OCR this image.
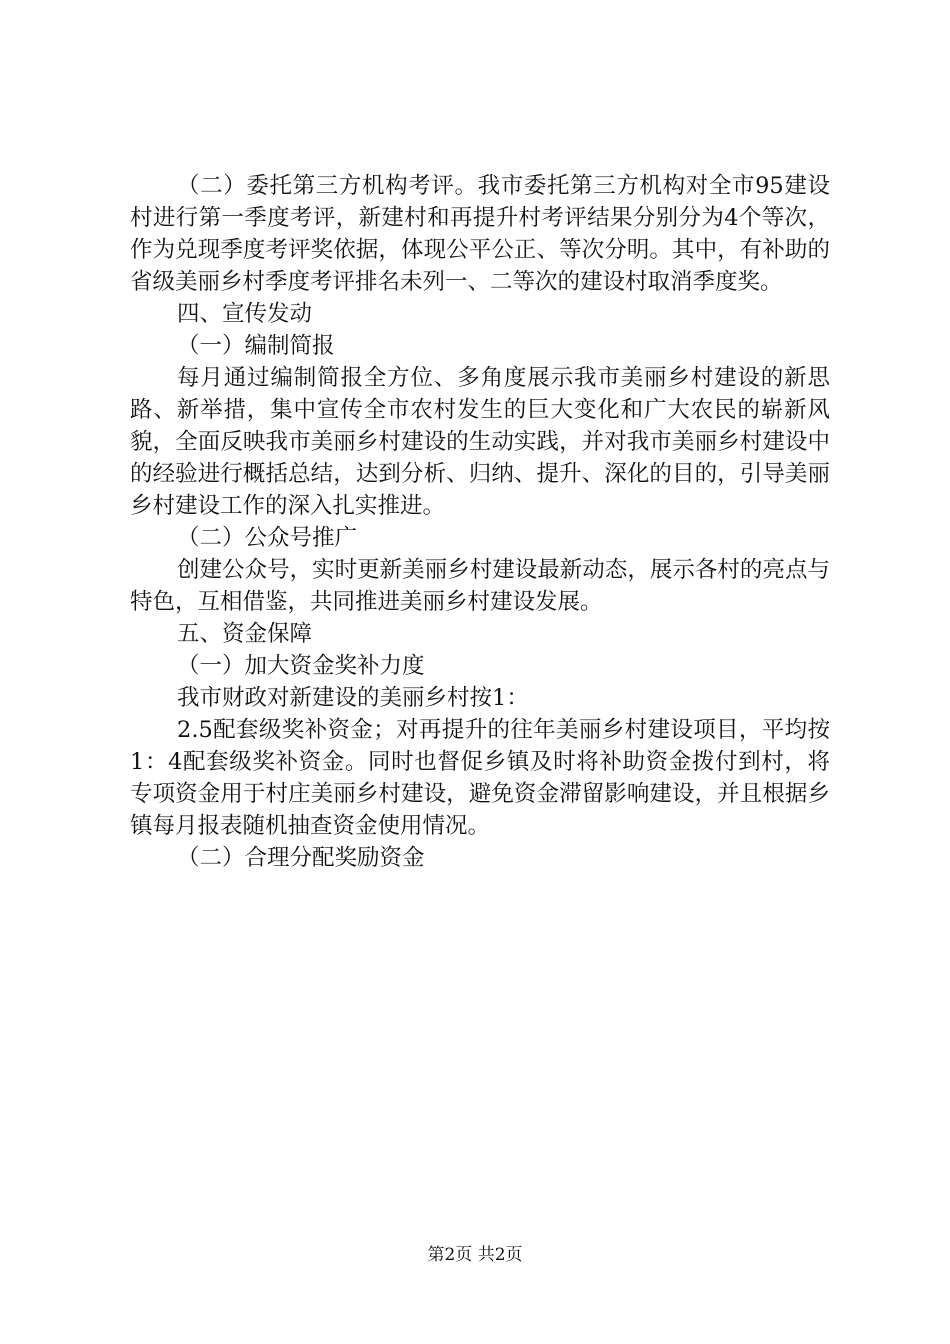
（二）委托第三方机构考评。我市委托第三方机构对全市95建设村进行第一季度考评，新建村和再提升村考评结果分别分为4个等次，作为兑现季度考评奖依据，体现公平公正、等次分明。其中，有补助的省级美丽乡村季度考评排名未列一、二等次的建设村取消季度奖。

四、宣传发动

（一）编制简报

每月通过编制简报全方位、多角度展示我市美丽乡村建设的新思路、新举措，集中宣传全市农村发生的巨大变化和广大农民的崭新风貌，全面反映我市美丽乡村建设的生动实践，并对我市美丽乡村建设中的经验进行概括总结，达到分析、归纳、提升、深化的目的，引导美丽乡村建设工作的深入扎实推进。

（二）公众号推广

创建公众号，实时更新美丽乡村建设最新动态，展示各村的亮点与特色，互相借鉴，共同推进美丽乡村建设发展。

五、资金保障

（一）加大资金奖补力度

我市财政对新建设的美丽乡村按1：

2.5配套级奖补资金；对再提升的往年美丽乡村建设项目，平均按1：4配套级奖补资金。同时也督促乡镇及时将补助资金拨付到村，将专项资金用于村庄美丽乡村建设，避免资金滞留影响建设，并且根据乡镇每月报表随机抽查资金使用情况。

（二）合理分配奖励资金

第2页 共2页
